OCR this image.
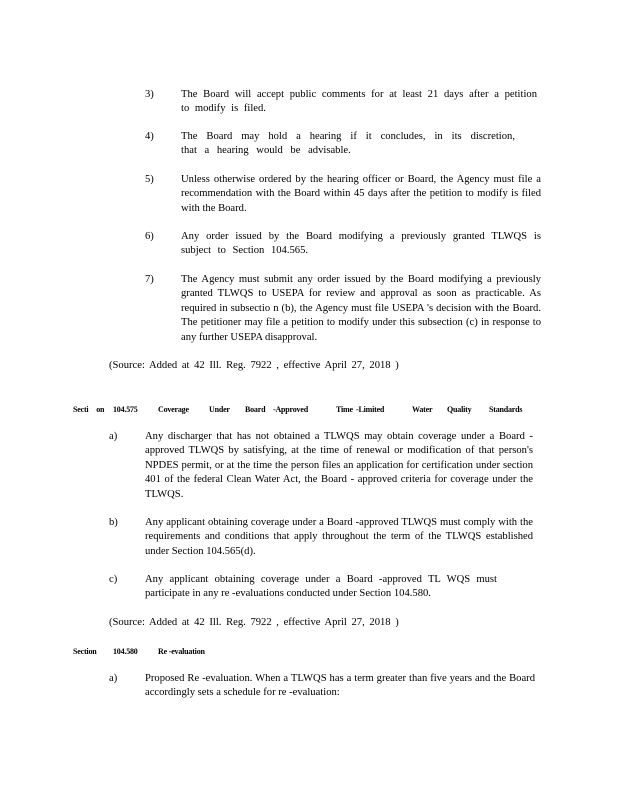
3)	The Board will accept public comments for at least 21 days after a petition to modify is filed.
4)	The Board may hold a hearing if it concludes, in its discretion, that a hearing would be advisable.
5)	Unless otherwise ordered by the hearing officer or Board, the Agency must file a recommendation with the Board within 45 days after the petition to modify is filed with the Board.
6)	Any order issued by the Board modifying a previously granted TLWQS is subject to Section 104.565.
7)	The Agency must submit any order issued by the Board modifying a previously granted TLWQS to USEPA for review and approval as soon as practicable. As required in subsectio n (b), the Agency must file USEPA 's decision with the Board. The petitioner may file a petition to modify under this subsection (c) in response to any further USEPA disapproval.
(Source: Added at 42 Ill. Reg. 7922 , effective April 27, 2018 )
Secti on 104.575	Coverage	Under Board -Approved	Time -Limited	Water Quality Standards
a)	Any discharger that has not obtained a TLWQS may obtain coverage under a Board -approved TLWQS by satisfying, at the time of renewal or modification of that person's NPDES permit, or at the time the person files an application for certification under section 401 of the federal Clean Water Act, the Board - approved criteria for coverage under the TLWQS.
b)	Any applicant obtaining coverage under a Board -approved TLWQS must comply with the requirements and conditions that apply throughout the term of the TLWQS established under Section 104.565(d).
c)	Any applicant obtaining coverage under a Board -approved TL WQS must participate in any re -evaluations conducted under Section 104.580.
(Source: Added at 42 Ill. Reg. 7922 , effective April 27, 2018 )
Section 104.580	Re -evaluation
a)	Proposed Re -evaluation. When a TLWQS has a term greater than five years and the Board accordingly sets a schedule for re -evaluation:
